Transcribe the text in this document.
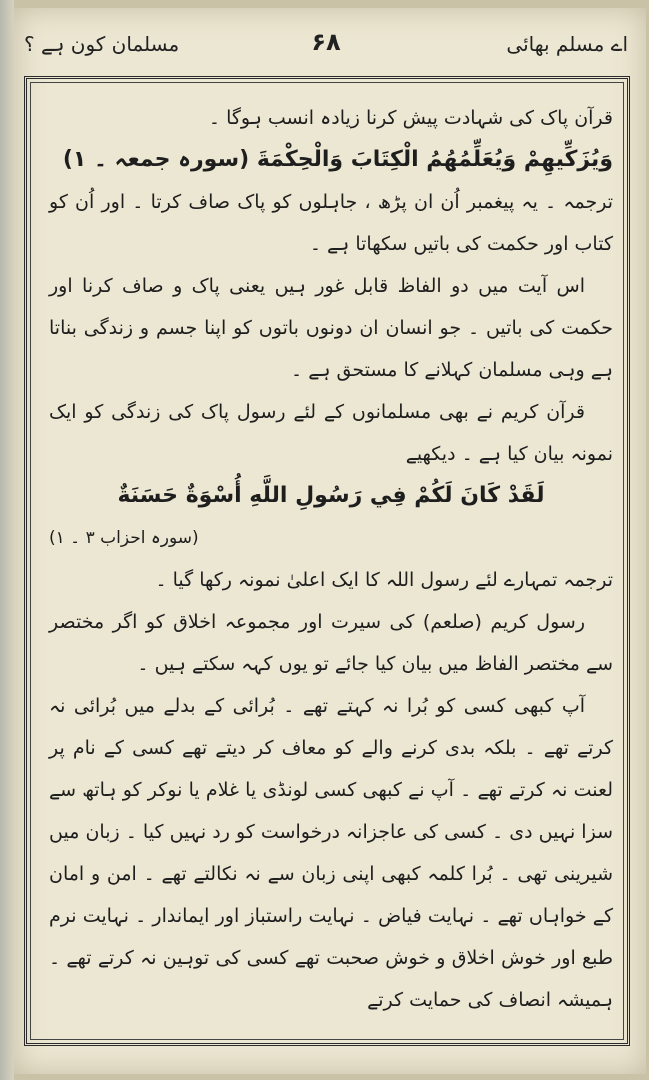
اے مسلم بھائی
۶۸
مسلمان کون ہے ؟

قرآن پاک کی شہادت پیش کرنا زیادہ انسب ہوگا ۔

وَيُزَكِّيهِمْ وَيُعَلِّمُهُمُ الْكِتَابَ وَالْحِكْمَةَ (سورہ جمعہ ۔ ۱)

ترجمہ ۔ یہ پیغمبر اُن ان پڑھ ، جاہلوں کو پاک صاف کرتا ۔ اور اُن کو کتاب اور حکمت کی باتیں سکھاتا ہے ۔

اس آیت میں دو الفاظ قابل غور ہیں یعنی پاک و صاف کرنا اور حکمت کی باتیں ۔ جو انسان ان دونوں باتوں کو اپنا جسم و زندگی بناتا ہے وہی مسلمان کہلانے کا مستحق ہے ۔

قرآن کریم نے بھی مسلمانوں کے لئے رسول پاک کی زندگی کو ایک نمونہ بیان کیا ہے ۔ دیکھیے

لَقَدْ كَانَ لَكُمْ فِي رَسُولِ اللَّهِ أُسْوَةٌ حَسَنَةٌ

(سورہ احزاب ۳ ۔ ۱)

ترجمہ تمہارے لئے رسول اللہ کا ایک اعلیٰ نمونہ رکھا گیا ۔

رسول کریم (صلعم) کی سیرت اور مجموعہ اخلاق کو اگر مختصر سے مختصر الفاظ میں بیان کیا جائے تو یوں کہہ سکتے ہیں ۔

آپ کبھی کسی کو بُرا نہ کہتے تھے ۔ بُرائی کے بدلے میں بُرائی نہ کرتے تھے ۔ بلکہ بدی کرنے والے کو معاف کر دیتے تھے کسی کے نام پر لعنت نہ کرتے تھے ۔ آپ نے کبھی کسی لونڈی یا غلام یا نوکر کو ہاتھ سے سزا نہیں دی ۔ کسی کی عاجزانہ درخواست کو رد نہیں کیا ۔ زبان میں شیرینی تھی ۔ بُرا کلمہ کبھی اپنی زبان سے نہ نکالتے تھے ۔ امن و امان کے خواہاں تھے ۔ نہایت فیاض ۔ نہایت راستباز اور ایماندار ۔ نہایت نرم طبع اور خوش اخلاق و خوش صحبت تھے کسی کی توہین نہ کرتے تھے ۔ ہمیشہ انصاف کی حمایت کرتے
